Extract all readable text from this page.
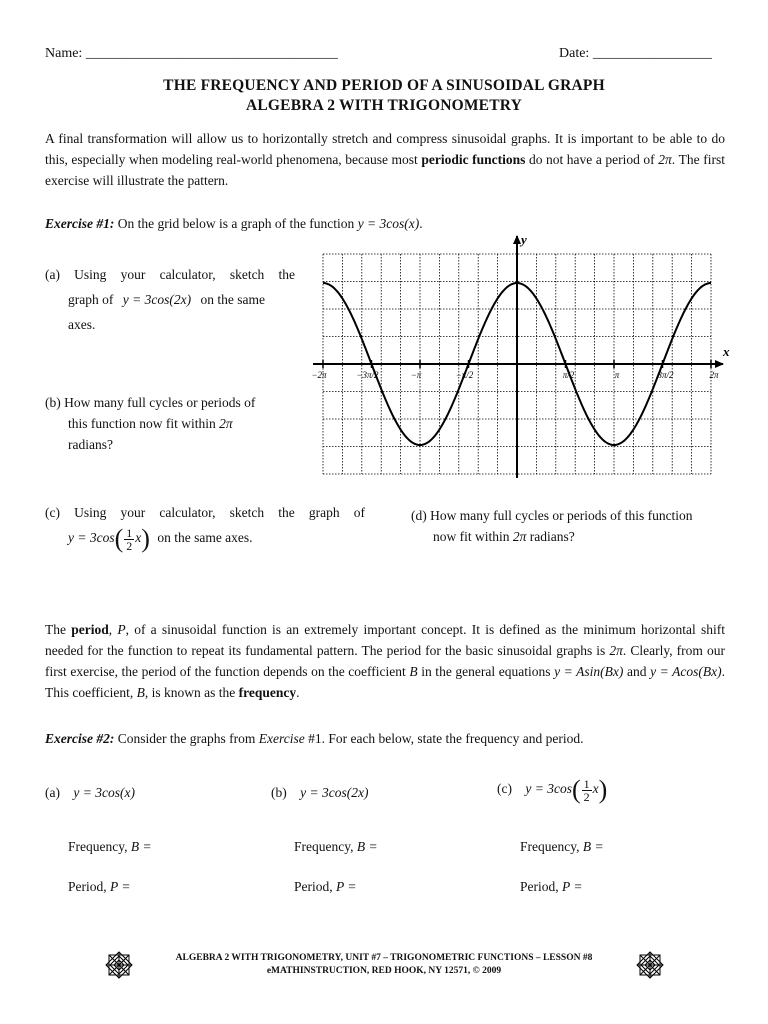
Name: ____________________________________	Date: _________________
THE FREQUENCY AND PERIOD OF A SINUSOIDAL GRAPH
ALGEBRA 2 WITH TRIGONOMETRY
A final transformation will allow us to horizontally stretch and compress sinusoidal graphs. It is important to be able to do this, especially when modeling real-world phenomena, because most periodic functions do not have a period of 2π. The first exercise will illustrate the pattern.
Exercise #1: On the grid below is a graph of the function y = 3cos(x).
(a) Using your calculator, sketch the
graph of y = 3cos(2x) on the same
axes.
(b) How many full cycles or periods of
this function now fit within 2π
radians?
−2π	−3π/2	−π	−π/2	π/2	π	3π/2	2π
x
y
(c) Using your calculator, sketch the graph of
$y = 3\cos( \frac{1}{2} x)$ on the same axes.
(d) How many full cycles or periods of this function
now fit within 2π radians?
The period, P, of a sinusoidal function is an extremely important concept. It is defined as the minimum horizontal shift needed for the function to repeat its fundamental pattern. The period for the basic sinusoidal graphs is 2π. Clearly, from our first exercise, the period of the function depends on the coefficient B in the general equations y = Asin(Bx) and y = Acos(Bx). This coefficient, B, is known as the frequency.
Exercise #2: Consider the graphs from Exercise #1. For each below, state the frequency and period.
(a) y = 3cos(x)	(b) y = 3cos(2x)	(c) $y = 3\cos( \frac{1}{2} x)$
Frequency, B =	Frequency, B =	Frequency, B =
Period, P =	Period, P =	Period, P =
ALGEBRA 2 WITH TRIGONOMETRY, UNIT #7 – TRIGONOMETRIC FUNCTIONS – LESSON #8
eMATHINSTRUCTION, RED HOOK, NY 12571, © 2009
